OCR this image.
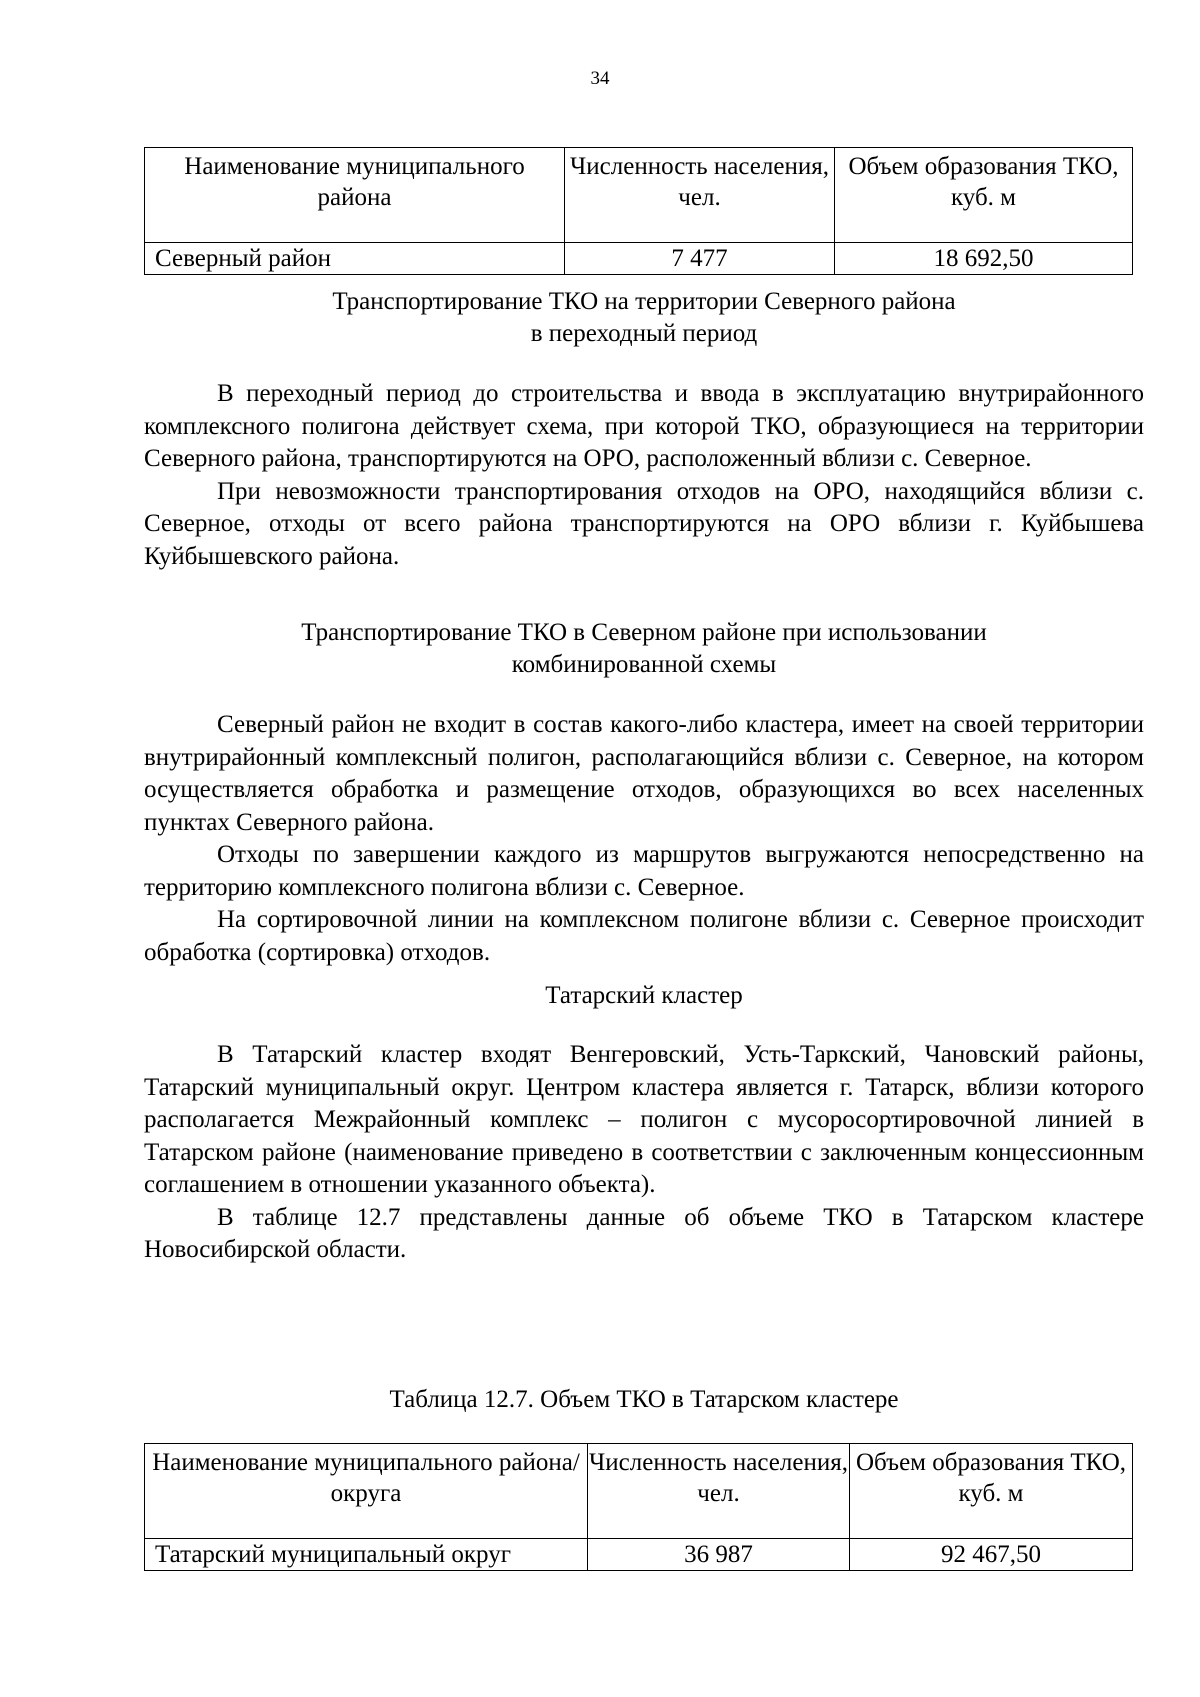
34
Наименование муниципального района	Численность населения, чел.	Объем образования ТКО, куб. м
Северный район	7 477	18 692,50
Транспортирование ТКО на территории Северного района
в переходный период

В переходный период до строительства и ввода в эксплуатацию внутрирайонного комплексного полигона действует схема, при которой ТКО, образующиеся на территории Северного района, транспортируются на ОРО, расположенный вблизи с. Северное.

При невозможности транспортирования отходов на ОРО, находящийся вблизи с. Северное, отходы от всего района транспортируются на ОРО вблизи г. Куйбышева Куйбышевского района.

Транспортирование ТКО в Северном районе при использовании
комбинированной схемы

Северный район не входит в состав какого-либо кластера, имеет на своей территории внутрирайонный комплексный полигон, располагающийся вблизи с. Северное, на котором осуществляется обработка и размещение отходов, образующихся во всех населенных пунктах Северного района.

Отходы по завершении каждого из маршрутов выгружаются непосредственно на территорию комплексного полигона вблизи с. Северное.

На сортировочной линии на комплексном полигоне вблизи с. Северное происходит обработка (сортировка) отходов.

Татарский кластер

В Татарский кластер входят Венгеровский, Усть-Таркский, Чановский районы, Татарский муниципальный округ. Центром кластера является г. Татарск, вблизи которого располагается Межрайонный комплекс – полигон с мусоросортировочной линией в Татарском районе (наименование приведено в соответствии с заключенным концессионным соглашением в отношении указанного объекта).

В таблице 12.7 представлены данные об объеме ТКО в Татарском кластере Новосибирской области.

Таблица 12.7. Объем ТКО в Татарском кластере
Наименование муниципального района/округа	Численность населения, чел.	Объем образования ТКО, куб. м
Татарский муниципальный округ	36 987	92 467,50
